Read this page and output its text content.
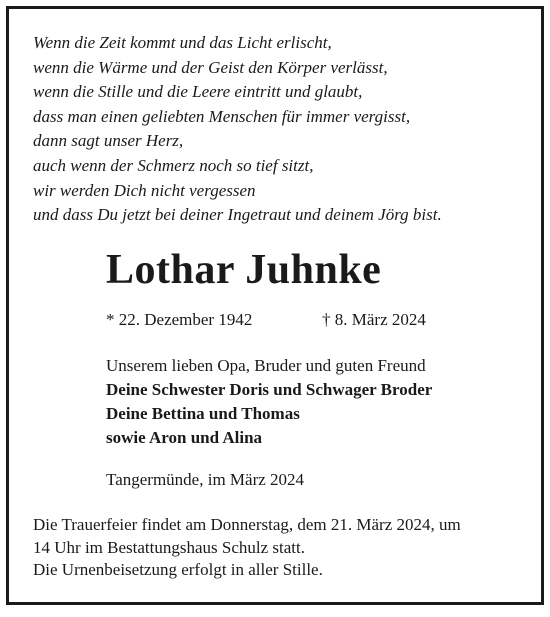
Wenn die Zeit kommt und das Licht erlischt,
wenn die Wärme und der Geist den Körper verlässt,
wenn die Stille und die Leere eintritt und glaubt,
dass man einen geliebten Menschen für immer vergisst,
dann sagt unser Herz,
auch wenn der Schmerz noch so tief sitzt,
wir werden Dich nicht vergessen
und dass Du jetzt bei deiner Ingetraut und deinem Jörg bist.
Lothar Juhnke
* 22. Dezember 1942	† 8. März 2024
Unserem lieben Opa, Bruder und guten Freund
Deine Schwester Doris und Schwager Broder
Deine Bettina und Thomas
sowie Aron und Alina
Tangermünde, im März 2024
Die Trauerfeier findet am Donnerstag, dem 21. März 2024, um
14 Uhr im Bestattungshaus Schulz statt.
Die Urnenbeisetzung erfolgt in aller Stille.
